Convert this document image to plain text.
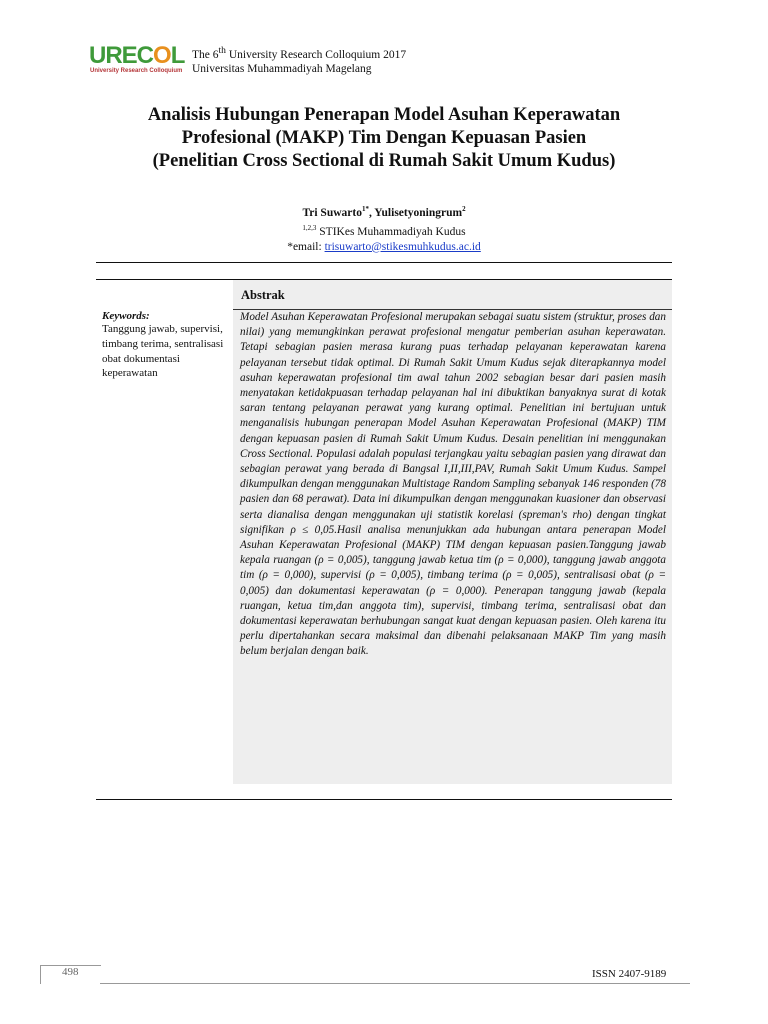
URECOL
University Research Colloquium
The 6th University Research Colloquium 2017
Universitas Muhammadiyah Magelang
Analisis Hubungan Penerapan Model Asuhan Keperawatan
Profesional (MAKP) Tim Dengan Kepuasan Pasien
(Penelitian Cross Sectional di Rumah Sakit Umum Kudus)
Tri Suwarto$^{1*}$, Yulisetyoningrum$^2$
$^{1,2,3}$ STIKes Muhammadiyah Kudus
*email: trisuwarto@stikesmuhkudus.ac.id
Abstrak
Model Asuhan Keperawatan Profesional merupakan sebagai suatu sistem (struktur, proses dan nilai) yang memungkinkan perawat profesional mengatur pemberian asuhan keperawatan. Tetapi sebagian pasien merasa kurang puas terhadap pelayanan keperawatan karena pelayanan tersebut tidak optimal. Di Rumah Sakit Umum Kudus sejak diterapkannya model asuhan keperawatan profesional tim awal tahun 2002 sebagian besar dari pasien masih menyatakan ketidakpuasan terhadap pelayanan hal ini dibuktikan banyaknya surat di kotak saran tentang pelayanan perawat yang kurang optimal. Penelitian ini bertujuan untuk menganalisis hubungan penerapan Model Asuhan Keperawatan Profesional (MAKP) TIM dengan kepuasan pasien di Rumah Sakit Umum Kudus. Desain penelitian ini menggunakan Cross Sectional. Populasi adalah populasi terjangkau yaitu sebagian pasien yang dirawat dan sebagian perawat yang berada di Bangsal I,II,III,PAV, Rumah Sakit Umum Kudus. Sampel dikumpulkan dengan menggunakan Multistage Random Sampling sebanyak 146 responden (78 pasien dan 68 perawat). Data ini dikumpulkan dengan menggunakan kuasioner dan observasi serta dianalisa dengan menggunakan uji statistik korelasi (spreman's rho) dengan tingkat signifikan ρ ≤ 0,05.Hasil analisa menunjukkan ada hubungan antara penerapan Model Asuhan Keperawatan Profesional (MAKP) TIM dengan kepuasan pasien.Tanggung jawab kepala ruangan (ρ = 0,005), tanggung jawab ketua tim (ρ = 0,000), tanggung jawab anggota tim (ρ = 0,000), supervisi (ρ = 0,005), timbang terima (ρ = 0,005), sentralisasi obat (ρ = 0,005) dan dokumentasi keperawatan (ρ = 0,000). Penerapan tanggung jawab (kepala ruangan, ketua tim,dan anggota tim), supervisi, timbang terima, sentralisasi obat dan dokumentasi keperawatan berhubungan sangat kuat dengan kepuasan pasien. Oleh karena itu perlu dipertahankan secara maksimal dan dibenahi pelaksanaan MAKP Tim yang masih belum berjalan dengan baik.
Keywords:
Tanggung jawab, supervisi, timbang terima, sentralisasi obat dokumentasi keperawatan
498	ISSN 2407-9189
